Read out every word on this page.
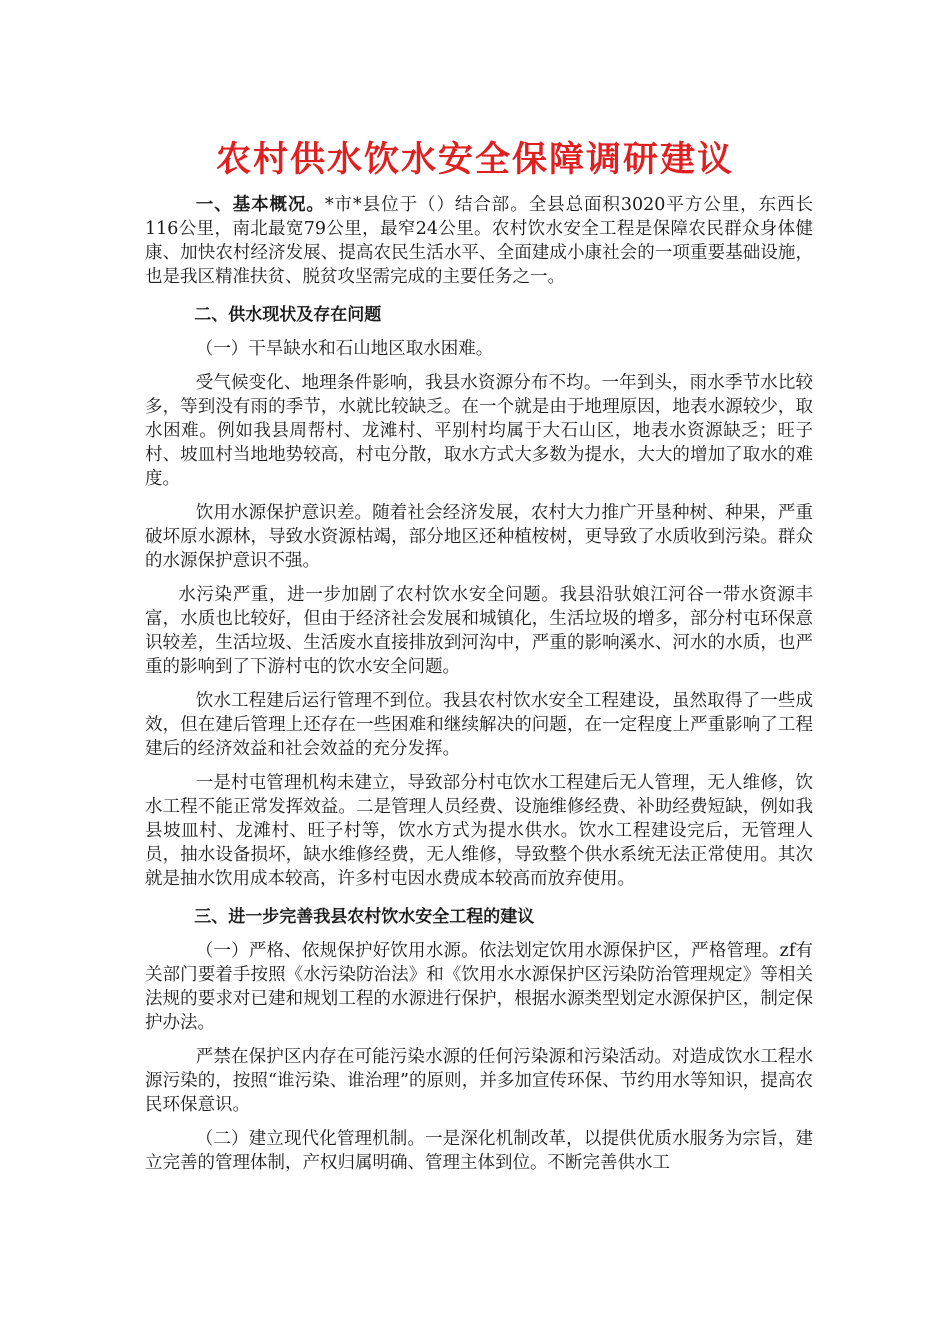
农村供水饮水安全保障调研建议

一、基本概况。*市*县位于（）结合部。全县总面积3020平方公里，东西长116公里，南北最宽79公里，最窄24公里。农村饮水安全工程是保障农民群众身体健康、加快农村经济发展、提高农民生活水平、全面建成小康社会的一项重要基础设施，也是我区精准扶贫、脱贫攻坚需完成的主要任务之一。

二、供水现状及存在问题

（一）干旱缺水和石山地区取水困难。

受气候变化、地理条件影响，我县水资源分布不均。一年到头，雨水季节水比较多，等到没有雨的季节，水就比较缺乏。在一个就是由于地理原因，地表水源较少，取水困难。例如我县周帮村、龙滩村、平别村均属于大石山区，地表水资源缺乏；旺子村、坡皿村当地地势较高，村屯分散，取水方式大多数为提水，大大的增加了取水的难度。

饮用水源保护意识差。随着社会经济发展，农村大力推广开垦种树、种果，严重破坏原水源林，导致水资源枯竭，部分地区还种植桉树，更导致了水质收到污染。群众的水源保护意识不强。

水污染严重，进一步加剧了农村饮水安全问题。我县沿驮娘江河谷一带水资源丰富，水质也比较好，但由于经济社会发展和城镇化，生活垃圾的增多，部分村屯环保意识较差，生活垃圾、生活废水直接排放到河沟中，严重的影响溪水、河水的水质，也严重的影响到了下游村屯的饮水安全问题。

饮水工程建后运行管理不到位。我县农村饮水安全工程建设，虽然取得了一些成效，但在建后管理上还存在一些困难和继续解决的问题，在一定程度上严重影响了工程建后的经济效益和社会效益的充分发挥。

一是村屯管理机构未建立，导致部分村屯饮水工程建后无人管理，无人维修，饮水工程不能正常发挥效益。二是管理人员经费、设施维修经费、补助经费短缺，例如我县坡皿村、龙滩村、旺子村等，饮水方式为提水供水。饮水工程建设完后，无管理人员，抽水设备损坏，缺水维修经费，无人维修，导致整个供水系统无法正常使用。其次就是抽水饮用成本较高，许多村屯因水费成本较高而放弃使用。

三、进一步完善我县农村饮水安全工程的建议

（一）严格、依规保护好饮用水源。依法划定饮用水源保护区，严格管理。zf有关部门要着手按照《水污染防治法》和《饮用水水源保护区污染防治管理规定》等相关法规的要求对已建和规划工程的水源进行保护，根据水源类型划定水源保护区，制定保护办法。

严禁在保护区内存在可能污染水源的任何污染源和污染活动。对造成饮水工程水源污染的，按照“谁污染、谁治理”的原则，并多加宣传环保、节约用水等知识，提高农民环保意识。

（二）建立现代化管理机制。一是深化机制改革，以提供优质水服务为宗旨，建立完善的管理体制，产权归属明确、管理主体到位。不断完善供水工
